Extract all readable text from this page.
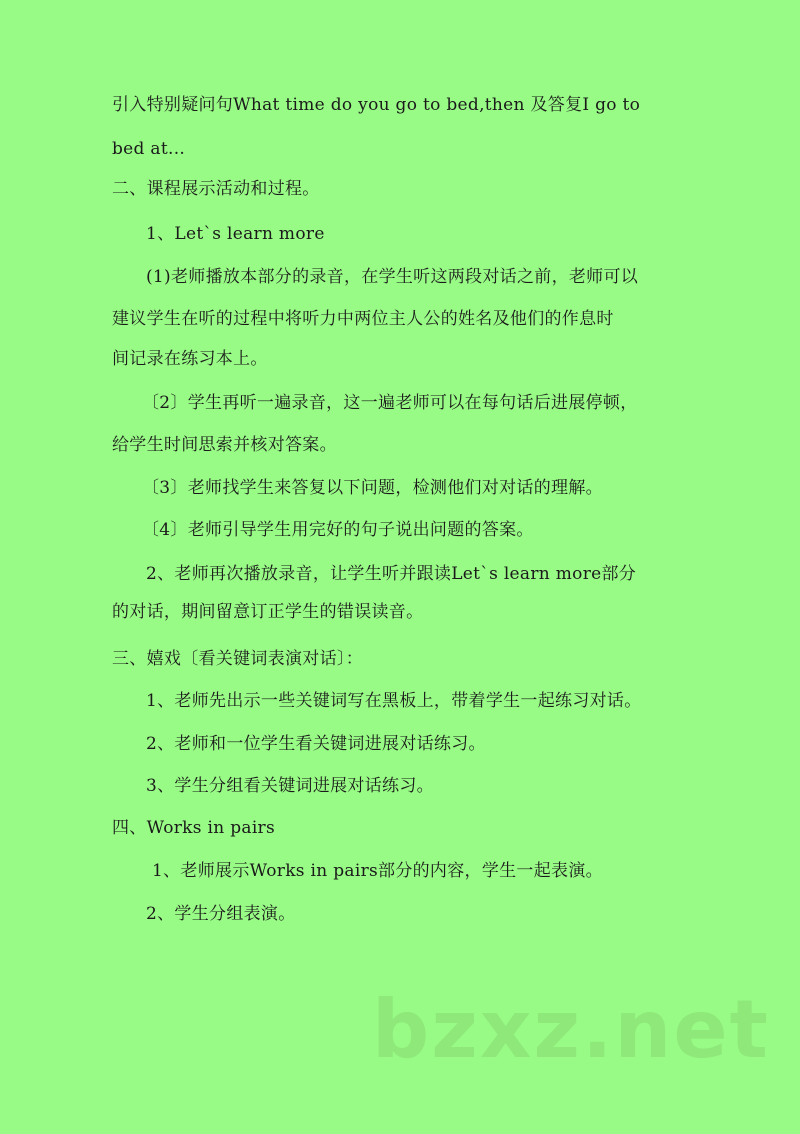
引入特别疑问句What time do you go to bed,then 及答复I go to
bed at...
二、课程展示活动和过程。
1、Let`s learn more
(1)老师播放本部分的录音，在学生听这两段对话之前，老师可以
建议学生在听的过程中将听力中两位主人公的姓名及他们的作息时
间记录在练习本上。
〔2〕学生再听一遍录音，这一遍老师可以在每句话后进展停顿，
给学生时间思索并核对答案。
〔3〕老师找学生来答复以下问题，检测他们对对话的理解。
〔4〕老师引导学生用完好的句子说出问题的答案。
2、老师再次播放录音，让学生听并跟读Let`s learn more部分
的对话，期间留意订正学生的错误读音。
三、嬉戏〔看关键词表演对话〕：
1、老师先出示一些关键词写在黑板上，带着学生一起练习对话。
2、老师和一位学生看关键词进展对话练习。
3、学生分组看关键词进展对话练习。
四、Works in pairs
1、老师展示Works in pairs部分的内容，学生一起表演。
2、学生分组表演。
bzxz.net
